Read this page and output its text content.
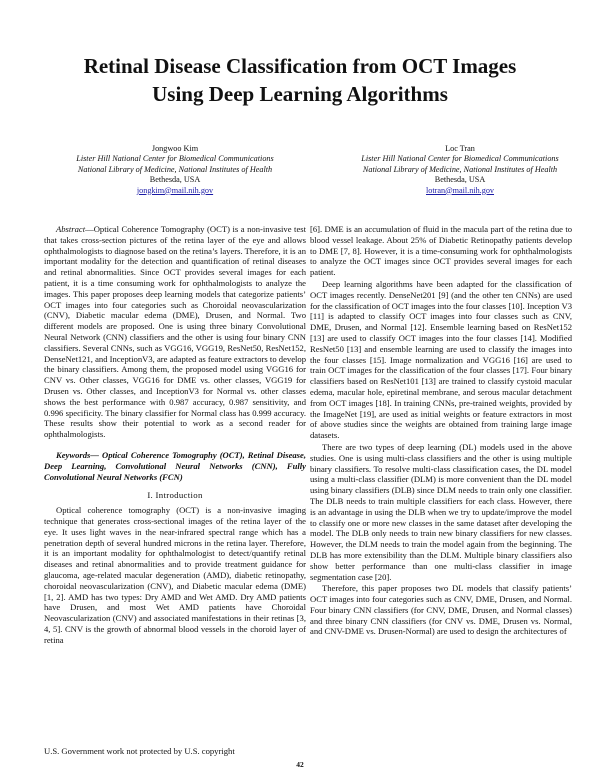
Retinal Disease Classification from OCT Images
Using Deep Learning Algorithms
Jongwoo Kim
Lister Hill National Center for Biomedical Communications
National Library of Medicine, National Institutes of Health
Bethesda, USA
jongkim@mail.nih.gov
Loc Tran
Lister Hill National Center for Biomedical Communications
National Library of Medicine, National Institutes of Health
Bethesda, USA
lotran@mail.nih.gov

Abstract—Optical Coherence Tomography (OCT) is a non-invasive test that takes cross-section pictures of the retina layer of the eye and allows ophthalmologists to diagnose based on the retina’s layers. Therefore, it is an important modality for the detection and quantification of retinal diseases and retinal abnormalities. Since OCT provides several images for each patient, it is a time consuming work for ophthalmologists to analyze the images. This paper proposes deep learning models that categorize patients’ OCT images into four categories such as Choroidal neovascularization (CNV), Diabetic macular edema (DME), Drusen, and Normal. Two different models are proposed. One is using three binary Convolutional Neural Network (CNN) classifiers and the other is using four binary CNN classifiers. Several CNNs, such as VGG16, VGG19, ResNet50, ResNet152, DenseNet121, and InceptionV3, are adapted as feature extractors to develop the binary classifiers. Among them, the proposed model using VGG16 for CNV vs. Other classes, VGG16 for DME vs. other classes, VGG19 for Drusen vs. Other classes, and InceptionV3 for Normal vs. other classes shows the best performance with 0.987 accuracy, 0.987 sensitivity, and 0.996 specificity. The binary classifier for Normal class has 0.999 accuracy. These results show their potential to work as a second reader for ophthalmologists.

Keywords— Optical Coherence Tomography (OCT), Retinal Disease, Deep Learning, Convolutional Neural Networks (CNN), Fully Convolutional Neural Networks (FCN)

I. Introduction

Optical coherence tomography (OCT) is a non-invasive imaging technique that generates cross-sectional images of the retina layer of the eye. It uses light waves in the near-infrared spectral range which has a penetration depth of several hundred microns in the retina layer. Therefore, it is an important modality for ophthalmologist to detect/quantify retinal diseases and retinal abnormalities and to provide treatment guidance for glaucoma, age-related macular degeneration (AMD), diabetic retinopathy, choroidal neovascularization (CNV), and Diabetic macular edema (DME) [1, 2]. AMD has two types: Dry AMD and Wet AMD. Dry AMD patients have Drusen, and most Wet AMD patients have Choroidal Neovascularization (CNV) and associated manifestations in their retinas [3, 4, 5]. CNV is the growth of abnormal blood vessels in the choroid layer of retina

[6]. DME is an accumulation of fluid in the macula part of the retina due to blood vessel leakage. About 25% of Diabetic Retinopathy patients develop to DME [7, 8]. However, it is a time-consuming work for ophthalmologists to analyze the OCT images since OCT provides several images for each patient.

Deep learning algorithms have been adapted for the classification of OCT images recently. DenseNet201 [9] (and the other ten CNNs) are used for the classification of OCT images into the four classes [10]. Inception V3 [11] is adapted to classify OCT images into four classes such as CNV, DME, Drusen, and Normal [12]. Ensemble learning based on ResNet152 [13] are used to classify OCT images into the four classes [14]. Modified ResNet50 [13] and ensemble learning are used to classify the images into the four classes [15]. Image normalization and VGG16 [16] are used to train OCT images for the classification of the four classes [17]. Four binary classifiers based on ResNet101 [13] are trained to classify cystoid macular edema, macular hole, epiretinal membrane, and serous macular detachment from OCT images [18]. In training CNNs, pre-trained weights, provided by the ImageNet [19], are used as initial weights or feature extractors in most of above studies since the weights are obtained from training large image datasets.

There are two types of deep learning (DL) models used in the above studies. One is using multi-class classifiers and the other is using multiple binary classifiers. To resolve multi-class classification cases, the DL model using a multi-class classifier (DLM) is more convenient than the DL model using binary classifiers (DLB) since DLM needs to train only one classifier. The DLB needs to train multiple classifiers for each class. However, there is an advantage in using the DLB when we try to update/improve the model to classify one or more new classes in the same dataset after developing the model. The DLB only needs to train new binary classifiers for new classes. However, the DLM needs to train the model again from the beginning. The DLB has more extensibility than the DLM. Multiple binary classifiers also show better performance than one multi-class classifier in image segmentation case [20].

Therefore, this paper proposes two DL models that classify patients’ OCT images into four categories such as CNV, DME, Drusen, and Normal. Four binary CNN classifiers (for CNV, DME, Drusen, and Normal classes) and three binary CNN classifiers (for CNV vs. DME, Drusen vs. Normal, and CNV-DME vs. Drusen-Normal) are used to design the architectures of

U.S. Government work not protected by U.S. copyright
42
